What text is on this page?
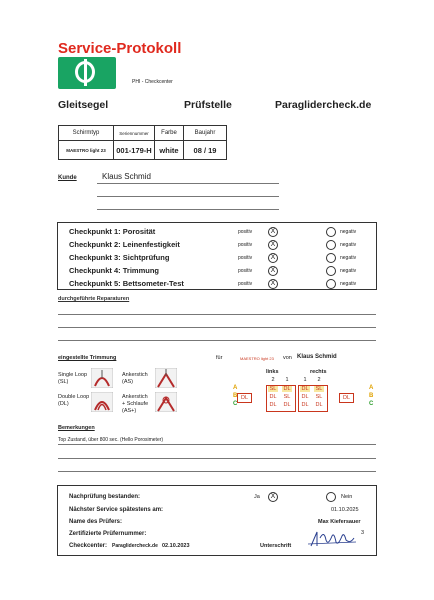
Service-Protokoll
PHI - Checkcenter
Gleitsegel	Prüfstelle	Paraglidercheck.de
Schirmtyp	Seriennummer	Farbe	Baujahr
MAESTRO light 23	001-179-H	white	08 / 19
Kunde	Klaus Schmid
Checkpunkt 1: Porosität	positiv	X	negativ
Checkpunkt 2: Leinenfestigkeit	positiv	X	negativ
Checkpunkt 3: Sichtprüfung	positiv	X	negativ
Checkpunkt 4: Trimmung	positiv	X	negativ
Checkpunkt 5: Bettsometer-Test	positiv	X	negativ
durchgeführte Reparaturen
eingestellte Trimmung	für	MAESTRO light 23 von Klaus Schmid
Single Loop
(SL)
Double Loop
(DL)
Ankerstich
(AS)
Ankerstich
+ Schlaufe
(AS+)
links	rechts
2	1	1	2
A	A
SL DL DL SL
B	B
DL SL DL SL
C	C
DL DL DL DL
DL	DL
Bemerkungen
Top Zustand, über 800 sec. (Hello Porosimeter)
Nachprüfung bestanden:	Ja	X	Nein
Nächster Service spätestens am:	01.10.2025
Name des Prüfers:	Max Kiefersauer
Zertifizierte Prüfernummer:	3
Checkcenter: Paraglidercheck.de 02.10.2023	Unterschrift
